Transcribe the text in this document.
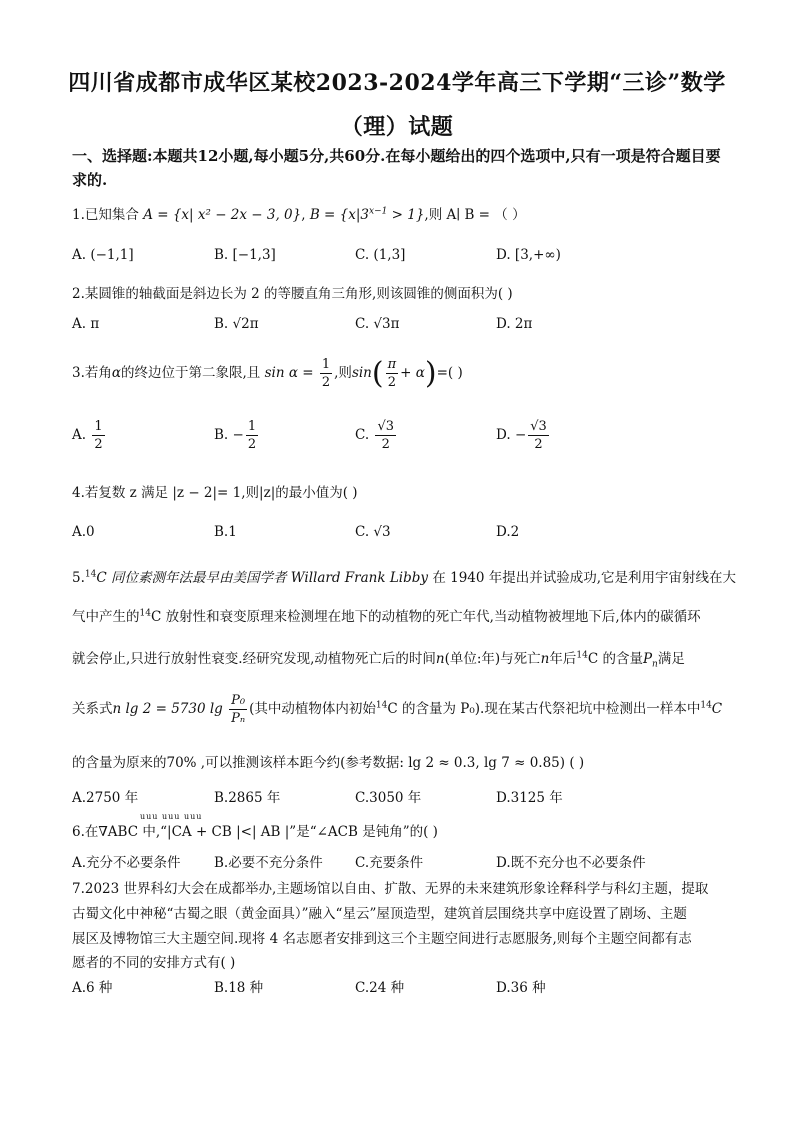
四川省成都市成华区某校2023-2024学年高三下学期“三诊”数学
（理）试题
一、选择题:本题共12小题,每小题5分,共60分.在每小题给出的四个选项中,只有一项是符合题目要求的.
1.已知集合 A = {x| x² − 2x − 3, 0}, $B = \{x|3^{x-1} > 1\}$,则 A∣ B = （ ）
A. (−1,1]	B. [−1,3]	C. (1,3]	D. [3,+∞)
2.某圆锥的轴截面是斜边长为 2 的等腰直角三角形,则该圆锥的侧面积为( )
A. π	B. √2π	C. √3π	D. 2π
3.若角α的终边位于第二象限,且 $\sin \alpha = \frac{1}{2}$ ,则$\sin( \frac{\pi}{2} + \alpha)=$( )
A. $\frac{1}{2}$	B. − $\frac{1}{2}$	C. $\frac{√3}{2}$	D. − $\frac{√3}{2}$
4.若复数 z 满足 |z − 2|= 1,则|z|的最小值为( )
A.0	B.1	C. √3	D.2
5.14C 同位素测年法最早由美国学者 Willard Frank Libby 在 1940 年提出并试验成功,它是利用宇宙射线在大
气中产生的$^{14}$C 放射性和衰变原理来检测埋在地下的动植物的死亡年代,当动植物被埋地下后,体内的碳循环
就会停止,只进行放射性衰变.经研究发现,动植物死亡后的时间n(单位:年)与死亡n年后$^{14}$C 的含量$P_n$满足
关系式n lg 2 = 5730 $\lg \frac{\text{P₀}}{\text{Pₙ}}$ (其中动植物体内初始$^{14}$C 的含量为 P₀).现在某古代祭祀坑中检测出一样本中$^{14}$C
的含量为原来的70% ,可以推测该样本距今约(参考数据: lg 2 ≈ 0.3, lg 7 ≈ 0.85) ( )
A.2750 年	B.2865 年	C.3050 年	D.3125 年
uuu uuu uuu
6.在∇ABC 中,“|CA + CB |<| AB |”是“∠ACB 是钝角”的( )
A.充分不必要条件 B.必要不充分条件 C.充要条件	D.既不充分也不必要条件
7.2023 世界科幻大会在成都举办,主题场馆以自由、扩散、无界的未来建筑形象诠释科学与科幻主题，提取
古蜀文化中神秘“古蜀之眼（黄金面具）”融入“星云”屋顶造型，建筑首层围绕共享中庭设置了剧场、主题
展区及博物馆三大主题空间.现将 4 名志愿者安排到这三个主题空间进行志愿服务,则每个主题空间都有志
愿者的不同的安排方式有( )
A.6 种	B.18 种	C.24 种	D.36 种
